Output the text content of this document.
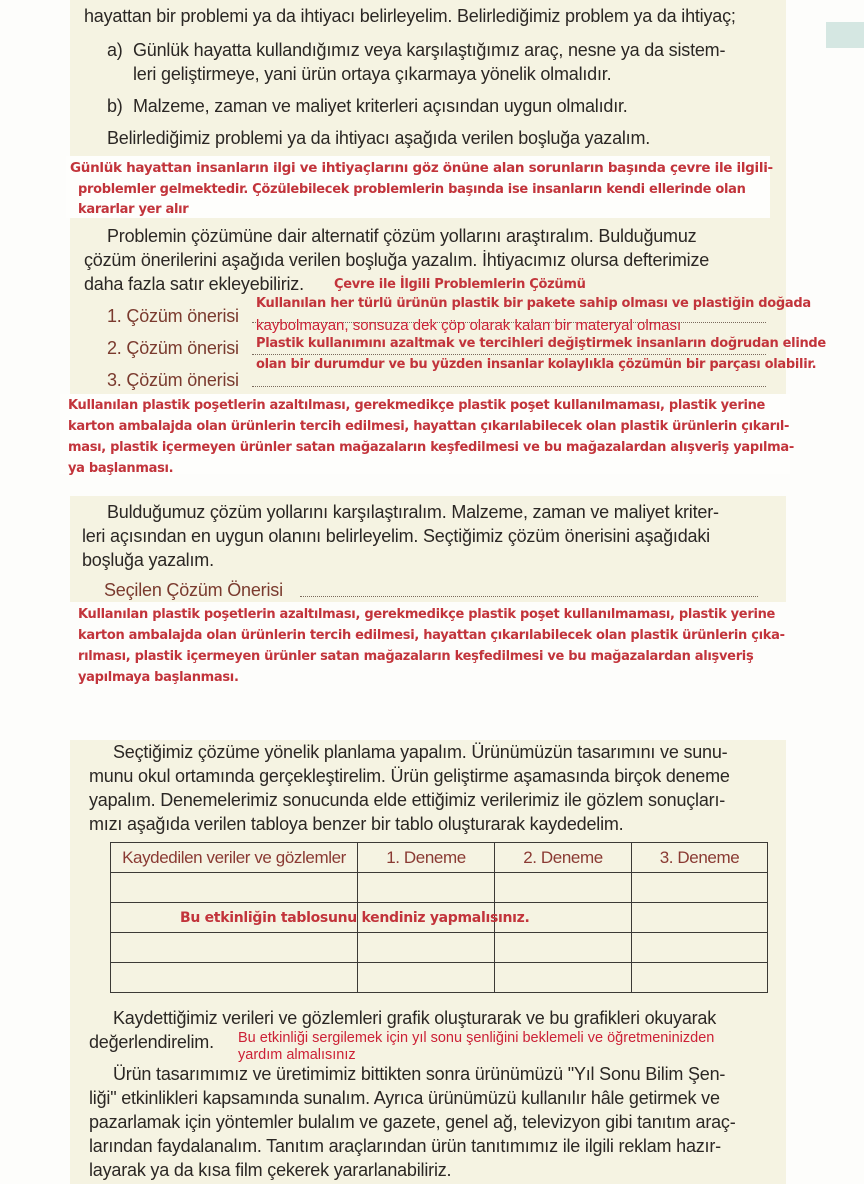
hayattan bir problemi ya da ihtiyacı belirleyelim. Belirlediğimiz problem ya da ihtiyaç;
a) Günlük hayatta kullandığımız veya karşılaştığımız araç, nesne ya da sistem-
leri geliştirmeye, yani ürün ortaya çıkarmaya yönelik olmalıdır.
b) Malzeme, zaman ve maliyet kriterleri açısından uygun olmalıdır.
Belirlediğimiz problemi ya da ihtiyacı aşağıda verilen boşluğa yazalım.
Günlük hayattan insanların ilgi ve ihtiyaçlarını göz önüne alan sorunların başında çevre ile ilgili-
problemler gelmektedir. Çözülebilecek problemlerin başında ise insanların kendi ellerinde olan
kararlar yer alır
Problemin çözümüne dair alternatif çözüm yollarını araştıralım. Bulduğumuz
çözüm önerilerini aşağıda verilen boşluğa yazalım. İhtiyacımız olursa defterimize
daha fazla satır ekleyebiliriz. Çevre ile İlgili Problemlerin Çözümü
1. Çözüm önerisi
Kullanılan her türlü ürünün plastik bir pakete sahip olması ve plastiğin doğada
kaybolmayan, sonsuza dek çöp olarak kalan bir materyal olması
2. Çözüm önerisi Plastik kullanımını azaltmak ve tercihleri değiştirmek insanların doğrudan elinde
olan bir durumdur ve bu yüzden insanlar kolaylıkla çözümün bir parçası olabilir.
3. Çözüm önerisi
Kullanılan plastik poşetlerin azaltılması, gerekmedikçe plastik poşet kullanılmaması, plastik yerine
karton ambalajda olan ürünlerin tercih edilmesi, hayattan çıkarılabilecek olan plastik ürünlerin çıkarıl-
ması, plastik içermeyen ürünler satan mağazaların keşfedilmesi ve bu mağazalardan alışveriş yapılma-
ya başlanması.
Bulduğumuz çözüm yollarını karşılaştıralım. Malzeme, zaman ve maliyet kriter-
leri açısından en uygun olanını belirleyelim. Seçtiğimiz çözüm önerisini aşağıdaki
boşluğa yazalım.
Seçilen Çözüm Önerisi
Kullanılan plastik poşetlerin azaltılması, gerekmedikçe plastik poşet kullanılmaması, plastik yerine
karton ambalajda olan ürünlerin tercih edilmesi, hayattan çıkarılabilecek olan plastik ürünlerin çıka-
rılması, plastik içermeyen ürünler satan mağazaların keşfedilmesi ve bu mağazalardan alışveriş
yapılmaya başlanması.
Seçtiğimiz çözüme yönelik planlama yapalım. Ürünümüzün tasarımını ve sunu-
munu okul ortamında gerçekleştirelim. Ürün geliştirme aşamasında birçok deneme
yapalım. Denemelerimiz sonucunda elde ettiğimiz verilerimiz ile gözlem sonuçları-
mızı aşağıda verilen tabloya benzer bir tablo oluşturarak kaydedelim.
Kaydedilen veriler ve gözlemler	1. Deneme	2. Deneme	3. Deneme

Bu etkinliğin tablosunu kendiniz yapmalısınız.
Kaydettiğimiz verileri ve gözlemleri grafik oluşturarak ve bu grafikleri okuyarak
değerlendirelim. Bu etkinliği sergilemek için yıl sonu şenliğini beklemeli ve öğretmeninizden
yardım almalısınız
Ürün tasarımımız ve üretimimiz bittikten sonra ürünümüzü "Yıl Sonu Bilim Şen-
liği" etkinlikleri kapsamında sunalım. Ayrıca ürünümüzü kullanılır hâle getirmek ve
pazarlamak için yöntemler bulalım ve gazete, genel ağ, televizyon gibi tanıtım araç-
larından faydalanalım. Tanıtım araçlarından ürün tanıtımımız ile ilgili reklam hazır-
layarak ya da kısa film çekerek yararlanabiliriz.
